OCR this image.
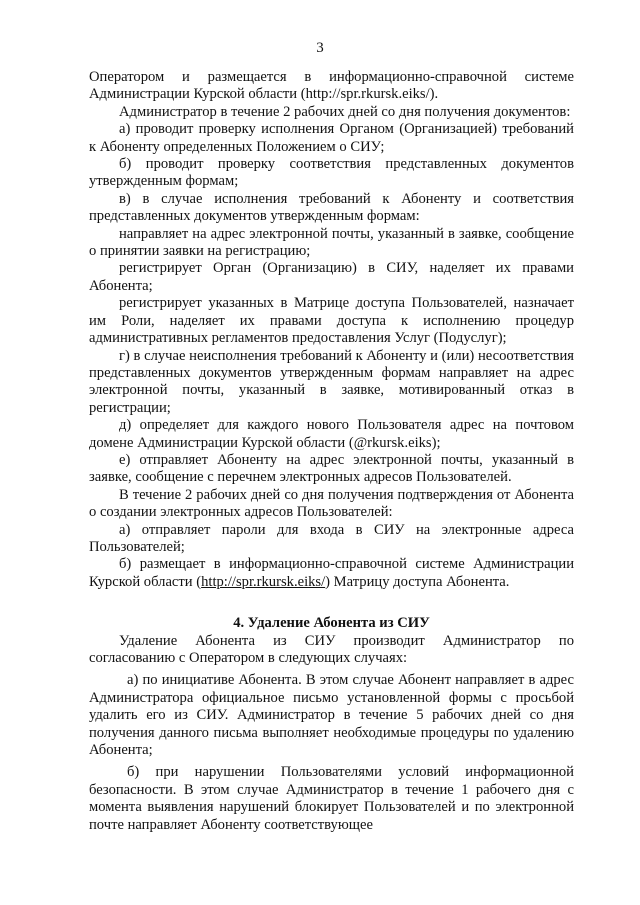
3

Оператором и размещается в информационно-справочной системе Администрации Курской области (http://spr.rkursk.eiks/).

Администратор в течение 2 рабочих дней со дня получения документов:

а) проводит проверку исполнения Органом (Организацией) требований к Абоненту определенных Положением о СИУ;

б) проводит проверку соответствия представленных документов утвержденным формам;

в) в случае исполнения требований к Абоненту и соответствия представленных документов утвержденным формам:

направляет на адрес электронной почты, указанный в заявке, сообщение о принятии заявки на регистрацию;

регистрирует Орган (Организацию) в СИУ, наделяет их правами Абонента;

регистрирует указанных в Матрице доступа Пользователей, назначает им Роли, наделяет их правами доступа к исполнению процедур административных регламентов предоставления Услуг (Подуслуг);

г) в случае неисполнения требований к Абоненту и (или) несоответствия представленных документов утвержденным формам направляет на адрес электронной почты, указанный в заявке, мотивированный отказ в регистрации;

д) определяет для каждого нового Пользователя адрес на почтовом домене Администрации Курской области (@rkursk.eiks);

е) отправляет Абоненту на адрес электронной почты, указанный в заявке, сообщение с перечнем электронных адресов Пользователей.

В течение 2 рабочих дней со дня получения подтверждения от Абонента о создании электронных адресов Пользователей:

а) отправляет пароли для входа в СИУ на электронные адреса Пользователей;

б) размещает в информационно-справочной системе Администрации Курской области (http://spr.rkursk.eiks/) Матрицу доступа Абонента.

4. Удаление Абонента из СИУ

Удаление Абонента из СИУ производит Администратор по согласованию с Оператором в следующих случаях:

а) по инициативе Абонента. В этом случае Абонент направляет в адрес Администратора официальное письмо установленной формы с просьбой удалить его из СИУ. Администратор в течение 5 рабочих дней со дня получения данного письма выполняет необходимые процедуры по удалению Абонента;

б) при нарушении Пользователями условий информационной безопасности. В этом случае Администратор в течение 1 рабочего дня с момента выявления нарушений блокирует Пользователей и по электронной почте направляет Абоненту соответствующее
